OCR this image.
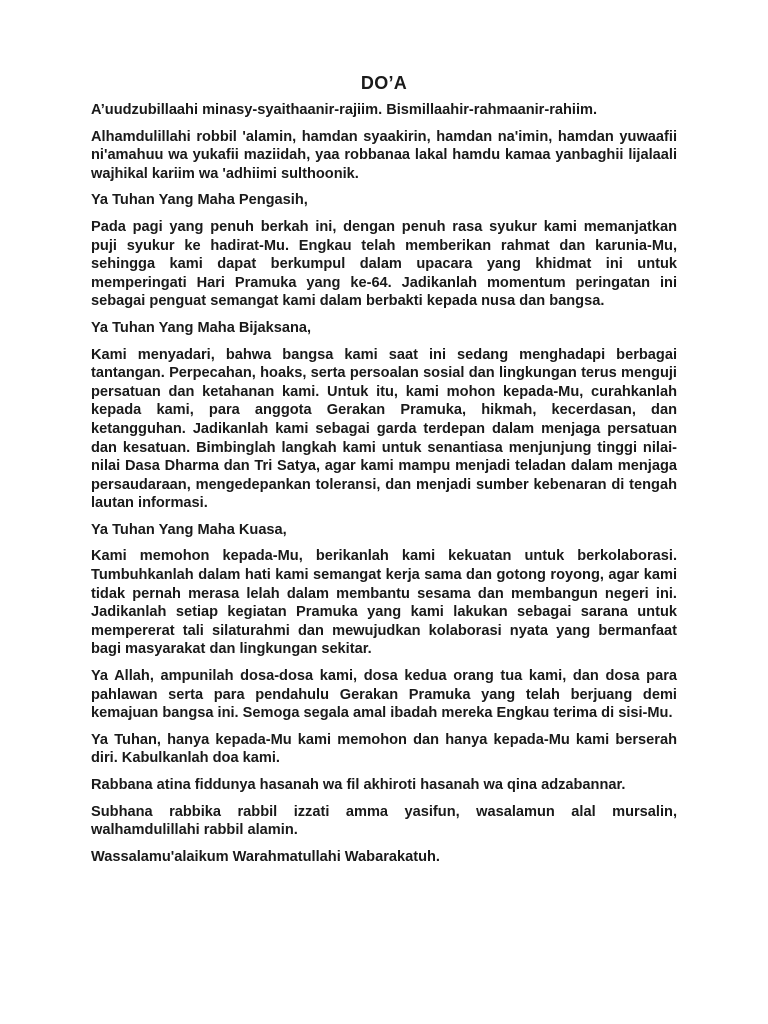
DO’A

A’uudzubillaahi minasy-syaithaanir-rajiim. Bismillaahir-rahmaanir-rahiim.

Alhamdulillahi robbil 'alamin, hamdan syaakirin, hamdan na'imin, hamdan yuwaafii ni'amahuu wa yukafii maziidah, yaa robbanaa lakal hamdu kamaa yanbaghii lijalaali wajhikal kariim wa 'adhiimi sulthoonik.

Ya Tuhan Yang Maha Pengasih,

Pada pagi yang penuh berkah ini, dengan penuh rasa syukur kami memanjatkan puji syukur ke hadirat-Mu. Engkau telah memberikan rahmat dan karunia-Mu, sehingga kami dapat berkumpul dalam upacara yang khidmat ini untuk memperingati Hari Pramuka yang ke-64. Jadikanlah momentum peringatan ini sebagai penguat semangat kami dalam berbakti kepada nusa dan bangsa.

Ya Tuhan Yang Maha Bijaksana,

Kami menyadari, bahwa bangsa kami saat ini sedang menghadapi berbagai tantangan. Perpecahan, hoaks, serta persoalan sosial dan lingkungan terus menguji persatuan dan ketahanan kami. Untuk itu, kami mohon kepada-Mu, curahkanlah kepada kami, para anggota Gerakan Pramuka, hikmah, kecerdasan, dan ketangguhan. Jadikanlah kami sebagai garda terdepan dalam menjaga persatuan dan kesatuan. Bimbinglah langkah kami untuk senantiasa menjunjung tinggi nilai-nilai Dasa Dharma dan Tri Satya, agar kami mampu menjadi teladan dalam menjaga persaudaraan, mengedepankan toleransi, dan menjadi sumber kebenaran di tengah lautan informasi.

Ya Tuhan Yang Maha Kuasa,

Kami memohon kepada-Mu, berikanlah kami kekuatan untuk berkolaborasi. Tumbuhkanlah dalam hati kami semangat kerja sama dan gotong royong, agar kami tidak pernah merasa lelah dalam membantu sesama dan membangun negeri ini. Jadikanlah setiap kegiatan Pramuka yang kami lakukan sebagai sarana untuk mempererat tali silaturahmi dan mewujudkan kolaborasi nyata yang bermanfaat bagi masyarakat dan lingkungan sekitar.

Ya Allah, ampunilah dosa-dosa kami, dosa kedua orang tua kami, dan dosa para pahlawan serta para pendahulu Gerakan Pramuka yang telah berjuang demi kemajuan bangsa ini. Semoga segala amal ibadah mereka Engkau terima di sisi-Mu.

Ya Tuhan, hanya kepada-Mu kami memohon dan hanya kepada-Mu kami berserah diri. Kabulkanlah doa kami.

Rabbana atina fiddunya hasanah wa fil akhiroti hasanah wa qina adzabannar.

Subhana rabbika rabbil izzati amma yasifun, wasalamun alal mursalin, walhamdulillahi rabbil alamin.

Wassalamu'alaikum Warahmatullahi Wabarakatuh.
